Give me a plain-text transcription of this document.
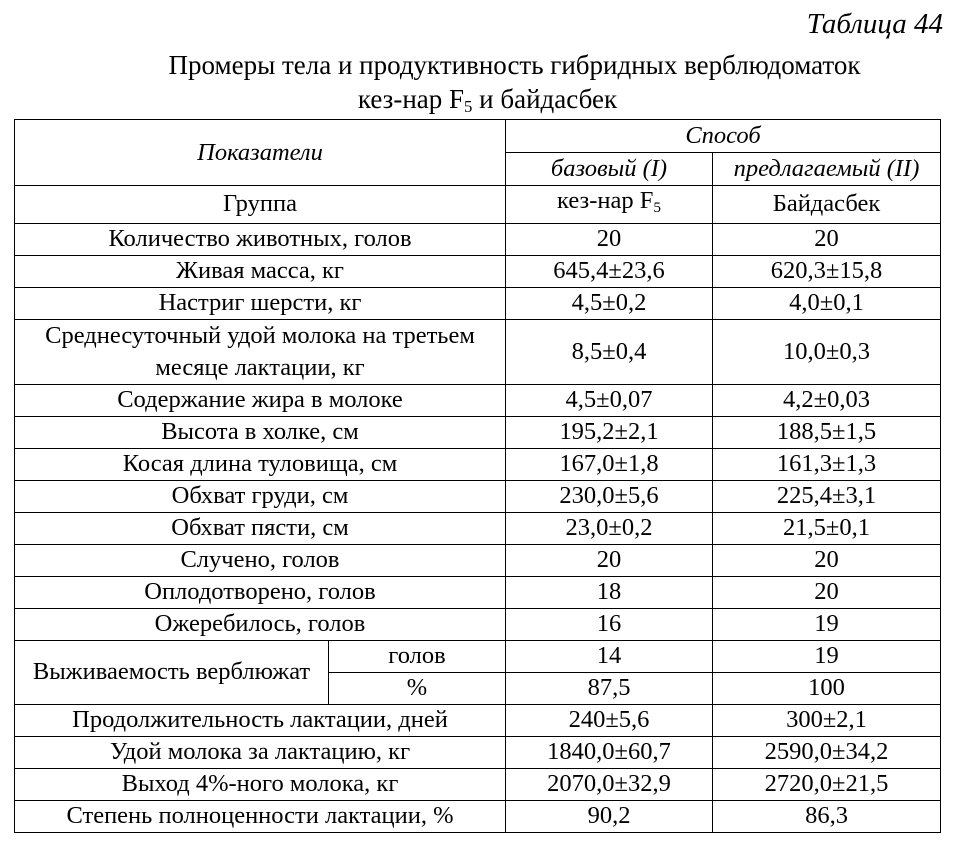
Таблица 44
Промеры тела и продуктивность гибридных верблюдоматок
кез-нар $F_5$ и байдасбек
Показатели		Способ	
		базовый (I)	предлагаемый (II)
Группа		кез-нар $F_5$	Байдасбек
Количество животных, голов		20	20
Живая масса, кг		645,4±23,6	620,3±15,8
Настриг шерсти, кг		4,5±0,2	4,0±0,1
Среднесуточный удой молока на третьем месяце лактации, кг		8,5±0,4	10,0±0,3
Содержание жира в молоке		4,5±0,07	4,2±0,03
Высота в холке, см		195,2±2,1	188,5±1,5
Косая длина туловища, см		167,0±1,8	161,3±1,3
Обхват груди, см		230,0±5,6	225,4±3,1
Обхват пясти, см		23,0±0,2	21,5±0,1
Случено, голов		20	20
Оплодотворено, голов		18	20
Ожеребилось, голов		16	19
Выживаемость верблюжат	голов	14	19
	%	87,5	100
Продолжительность лактации, дней		240±5,6	300±2,1
Удой молока за лактацию, кг		1840,0±60,7	2590,0±34,2
Выход 4%-ного молока, кг		2070,0±32,9	2720,0±21,5
Степень полноценности лактации, %		90,2	86,3
